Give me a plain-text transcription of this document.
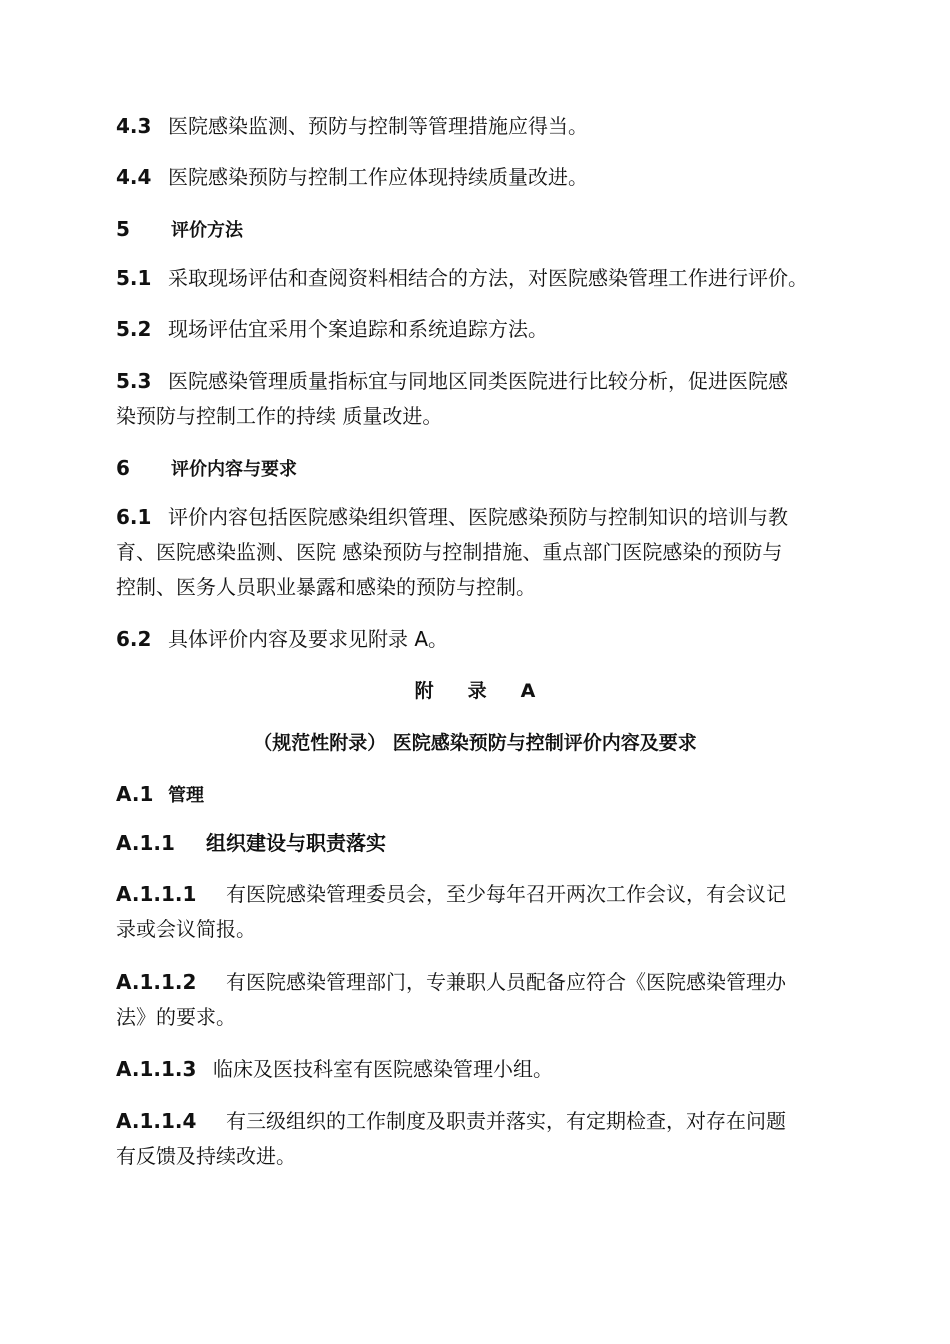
4.3 医院感染监测、预防与控制等管理措施应得当。
4.4 医院感染预防与控制工作应体现持续质量改进。
5 评价方法
5.1 采取现场评估和查阅资料相结合的方法，对医院感染管理工作进行评价。
5.2 现场评估宜采用个案追踪和系统追踪方法。
5.3 医院感染管理质量指标宜与同地区同类医院进行比较分析，促进医院感
染预防与控制工作的持续 质量改进。
6 评价内容与要求
6.1 评价内容包括医院感染组织管理、医院感染预防与控制知识的培训与教
育、医院感染监测、医院 感染预防与控制措施、重点部门医院感染的预防与
控制、医务人员职业暴露和感染的预防与控制。
6.2 具体评价内容及要求见附录 A。
附 录 A
（规范性附录） 医院感染预防与控制评价内容及要求
A.1 管理
A.1.1 组织建设与职责落实
A.1.1.1 有医院感染管理委员会，至少每年召开两次工作会议，有会议记
录或会议简报。
A.1.1.2 有医院感染管理部门，专兼职人员配备应符合《医院感染管理办
法》的要求。
A.1.1.3 临床及医技科室有医院感染管理小组。
A.1.1.4 有三级组织的工作制度及职责并落实，有定期检查，对存在问题
有反馈及持续改进。
